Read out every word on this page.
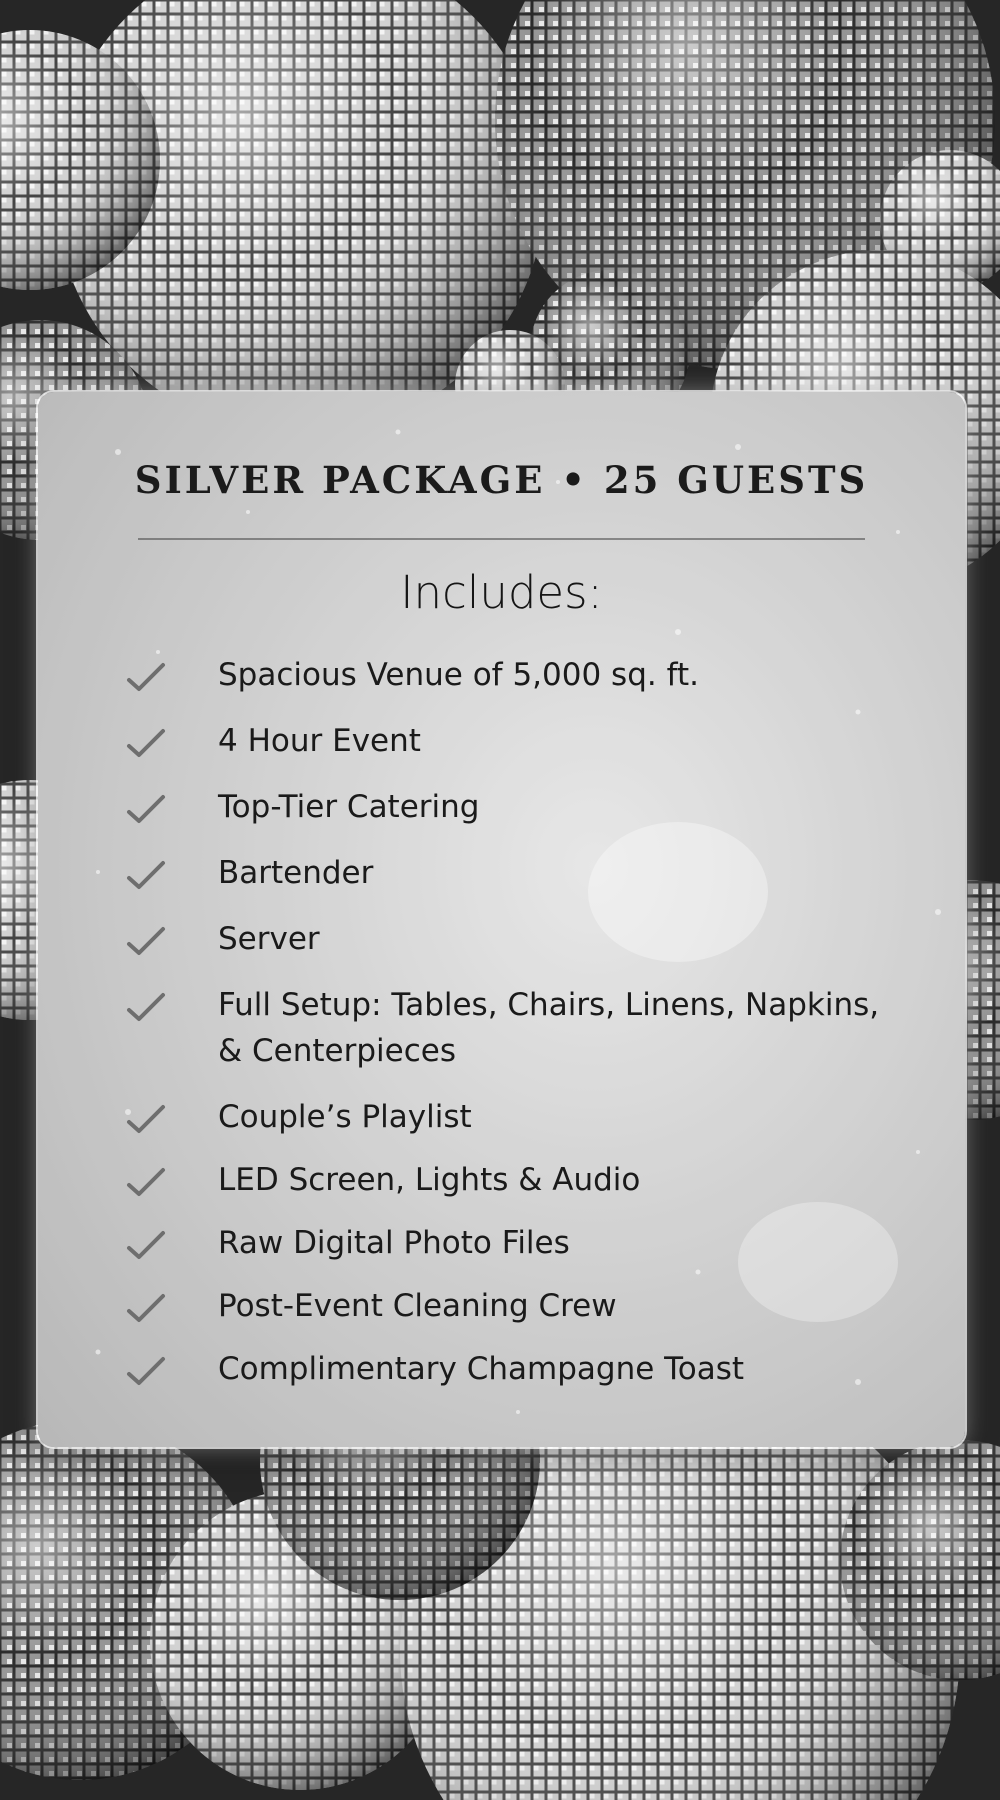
SILVER PACKAGE • 25 GUESTS
Includes:
Spacious Venue of 5,000 sq. ft.
4 Hour Event
Top-Tier Catering
Bartender
Server
Full Setup: Tables, Chairs, Linens, Napkins, & Centerpieces
Couple’s Playlist
LED Screen, Lights & Audio
Raw Digital Photo Files
Post-Event Cleaning Crew
Complimentary Champagne Toast
